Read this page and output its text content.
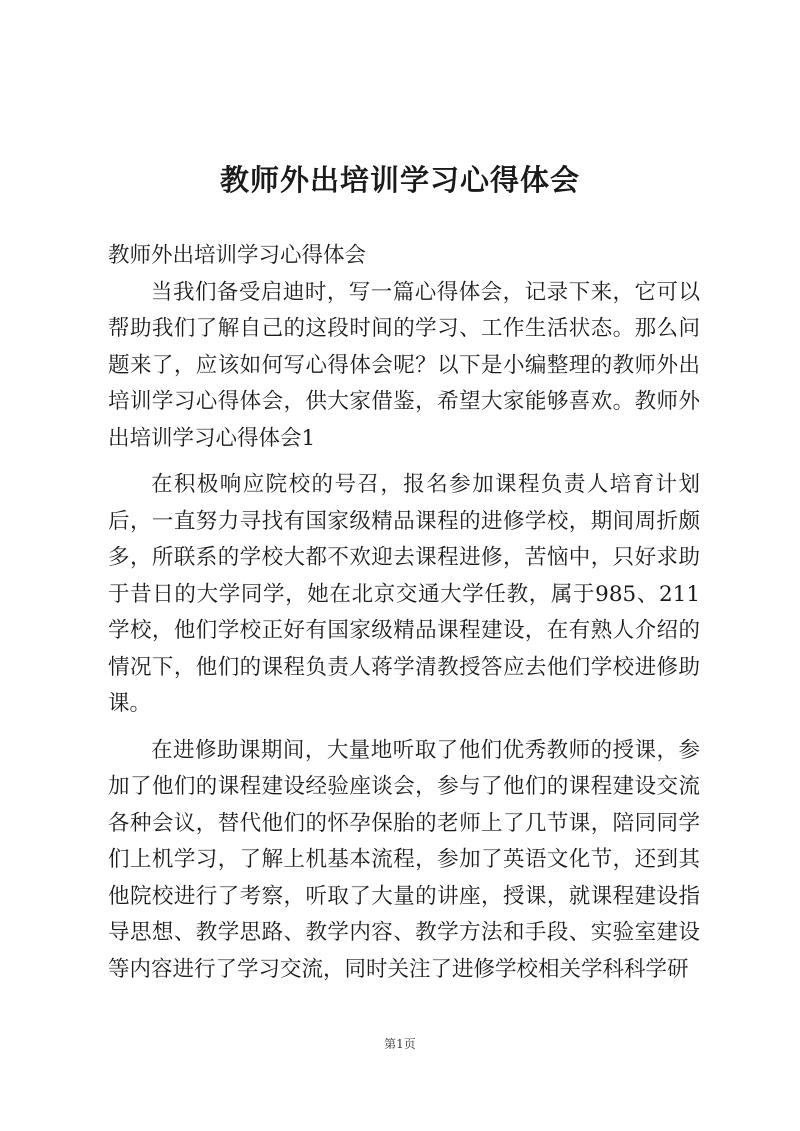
教师外出培训学习心得体会

教师外出培训学习心得体会

当我们备受启迪时，写一篇心得体会，记录下来，它可以帮助我们了解自己的这段时间的学习、工作生活状态。那么问题来了，应该如何写心得体会呢？以下是小编整理的教师外出培训学习心得体会，供大家借鉴，希望大家能够喜欢。教师外出培训学习心得体会1

在积极响应院校的号召，报名参加课程负责人培育计划后，一直努力寻找有国家级精品课程的进修学校，期间周折颇多，所联系的学校大都不欢迎去课程进修，苦恼中，只好求助于昔日的大学同学，她在北京交通大学任教，属于985、211学校，他们学校正好有国家级精品课程建设，在有熟人介绍的情况下，他们的课程负责人蒋学清教授答应去他们学校进修助课。

在进修助课期间，大量地听取了他们优秀教师的授课，参加了他们的课程建设经验座谈会，参与了他们的课程建设交流各种会议，替代他们的怀孕保胎的老师上了几节课，陪同同学们上机学习，了解上机基本流程，参加了英语文化节，还到其他院校进行了考察，听取了大量的讲座，授课，就课程建设指导思想、教学思路、教学内容、教学方法和手段、实验室建设等内容进行了学习交流，同时关注了进修学校相关学科科学研

第1页
